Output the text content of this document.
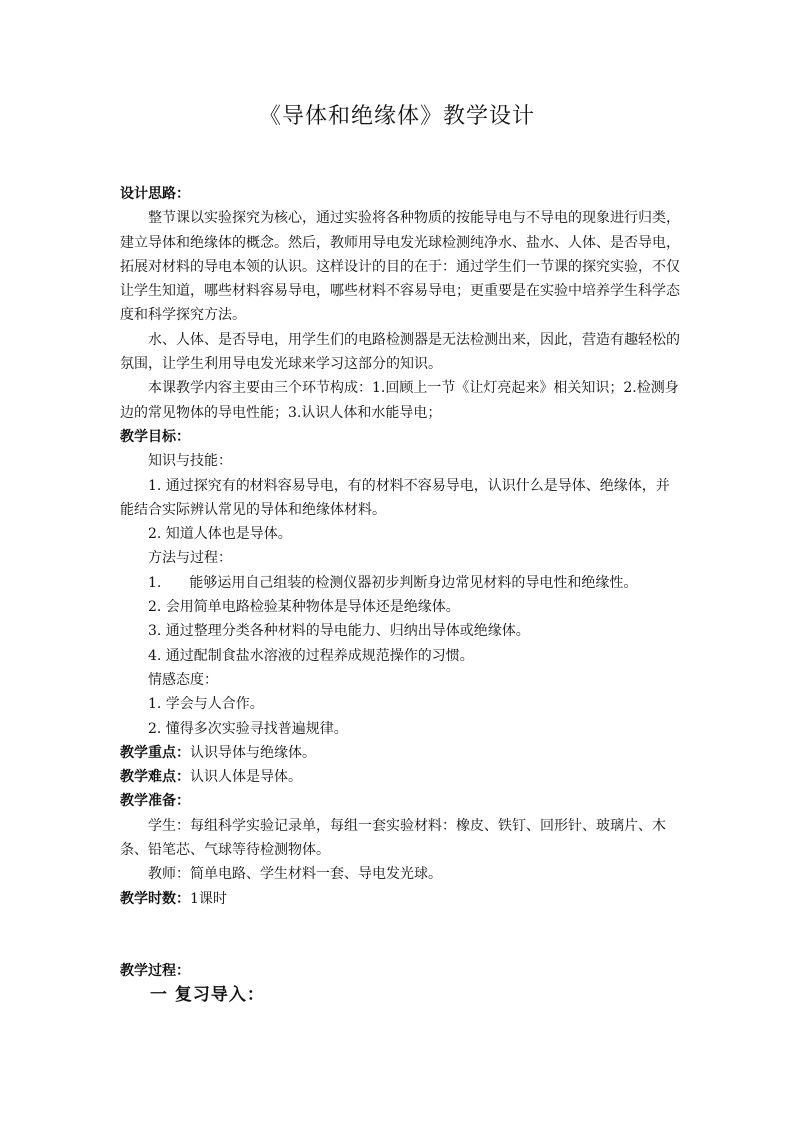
《导体和绝缘体》教学设计

设计思路：

整节课以实验探究为核心，通过实验将各种物质的按能导电与不导电的现象进行归类，建立导体和绝缘体的概念。然后，教师用导电发光球检测纯净水、盐水、人体、是否导电，拓展对材料的导电本领的认识。这样设计的目的在于：通过学生们一节课的探究实验，不仅让学生知道，哪些材料容易导电，哪些材料不容易导电；更重要是在实验中培养学生科学态度和科学探究方法。

水、人体、是否导电，用学生们的电路检测器是无法检测出来，因此，营造有趣轻松的氛围，让学生利用导电发光球来学习这部分的知识。

本课教学内容主要由三个环节构成：1.回顾上一节《让灯亮起来》相关知识；2.检测身边的常见物体的导电性能；3.认识人体和水能导电；

教学目标：

知识与技能：

1. 通过探究有的材料容易导电，有的材料不容易导电，认识什么是导体、绝缘体，并能结合实际辨认常见的导体和绝缘体材料。

2. 知道人体也是导体。

方法与过程：

1. 能够运用自己组装的检测仪器初步判断身边常见材料的导电性和绝缘性。

2. 会用简单电路检验某种物体是导体还是绝缘体。

3. 通过整理分类各种材料的导电能力、归纳出导体或绝缘体。

4. 通过配制食盐水溶液的过程养成规范操作的习惯。

情感态度：

1. 学会与人合作。

2. 懂得多次实验寻找普遍规律。

教学重点：认识导体与绝缘体。

教学难点：认识人体是导体。

教学准备：

学生：每组科学实验记录单，每组一套实验材料：橡皮、铁钉、回形针、玻璃片、木条、铅笔芯、气球等待检测物体。

教师：简单电路、学生材料一套、导电发光球。

教学时数：1课时

教学过程：

一 复习导入：
